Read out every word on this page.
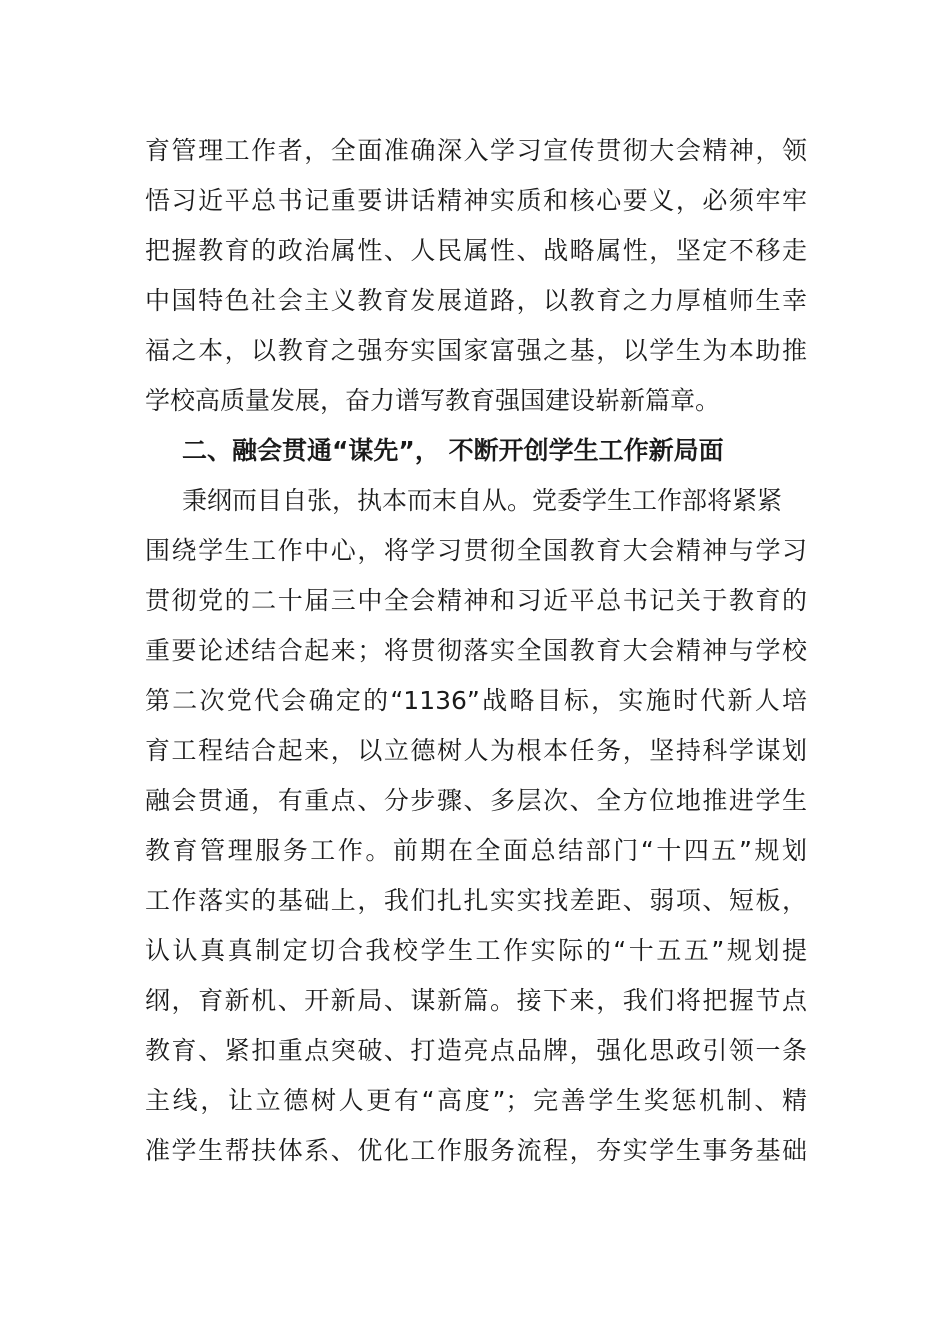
育管理工作者，全面准确深入学习宣传贯彻大会精神，领
悟习近平总书记重要讲话精神实质和核心要义，必须牢牢
把握教育的政治属性、人民属性、战略属性，坚定不移走
中国特色社会主义教育发展道路，以教育之力厚植师生幸
福之本，以教育之强夯实国家富强之基，以学生为本助推
学校高质量发展，奋力谱写教育强国建设崭新篇章。
二、融会贯通“谋先”， 不断开创学生工作新局面
秉纲而目自张，执本而末自从。党委学生工作部将紧紧
围绕学生工作中心，将学习贯彻全国教育大会精神与学习
贯彻党的二十届三中全会精神和习近平总书记关于教育的
重要论述结合起来；将贯彻落实全国教育大会精神与学校
第二次党代会确定的“1136”战略目标，实施时代新人培
育工程结合起来，以立德树人为根本任务，坚持科学谋划
融会贯通，有重点、分步骤、多层次、全方位地推进学生
教育管理服务工作。前期在全面总结部门“十四五”规划
工作落实的基础上，我们扎扎实实找差距、弱项、短板，
认认真真制定切合我校学生工作实际的“十五五”规划提
纲，育新机、开新局、谋新篇。接下来，我们将把握节点
教育、紧扣重点突破、打造亮点品牌，强化思政引领一条
主线，让立德树人更有“高度”；完善学生奖惩机制、精
准学生帮扶体系、优化工作服务流程，夯实学生事务基础
